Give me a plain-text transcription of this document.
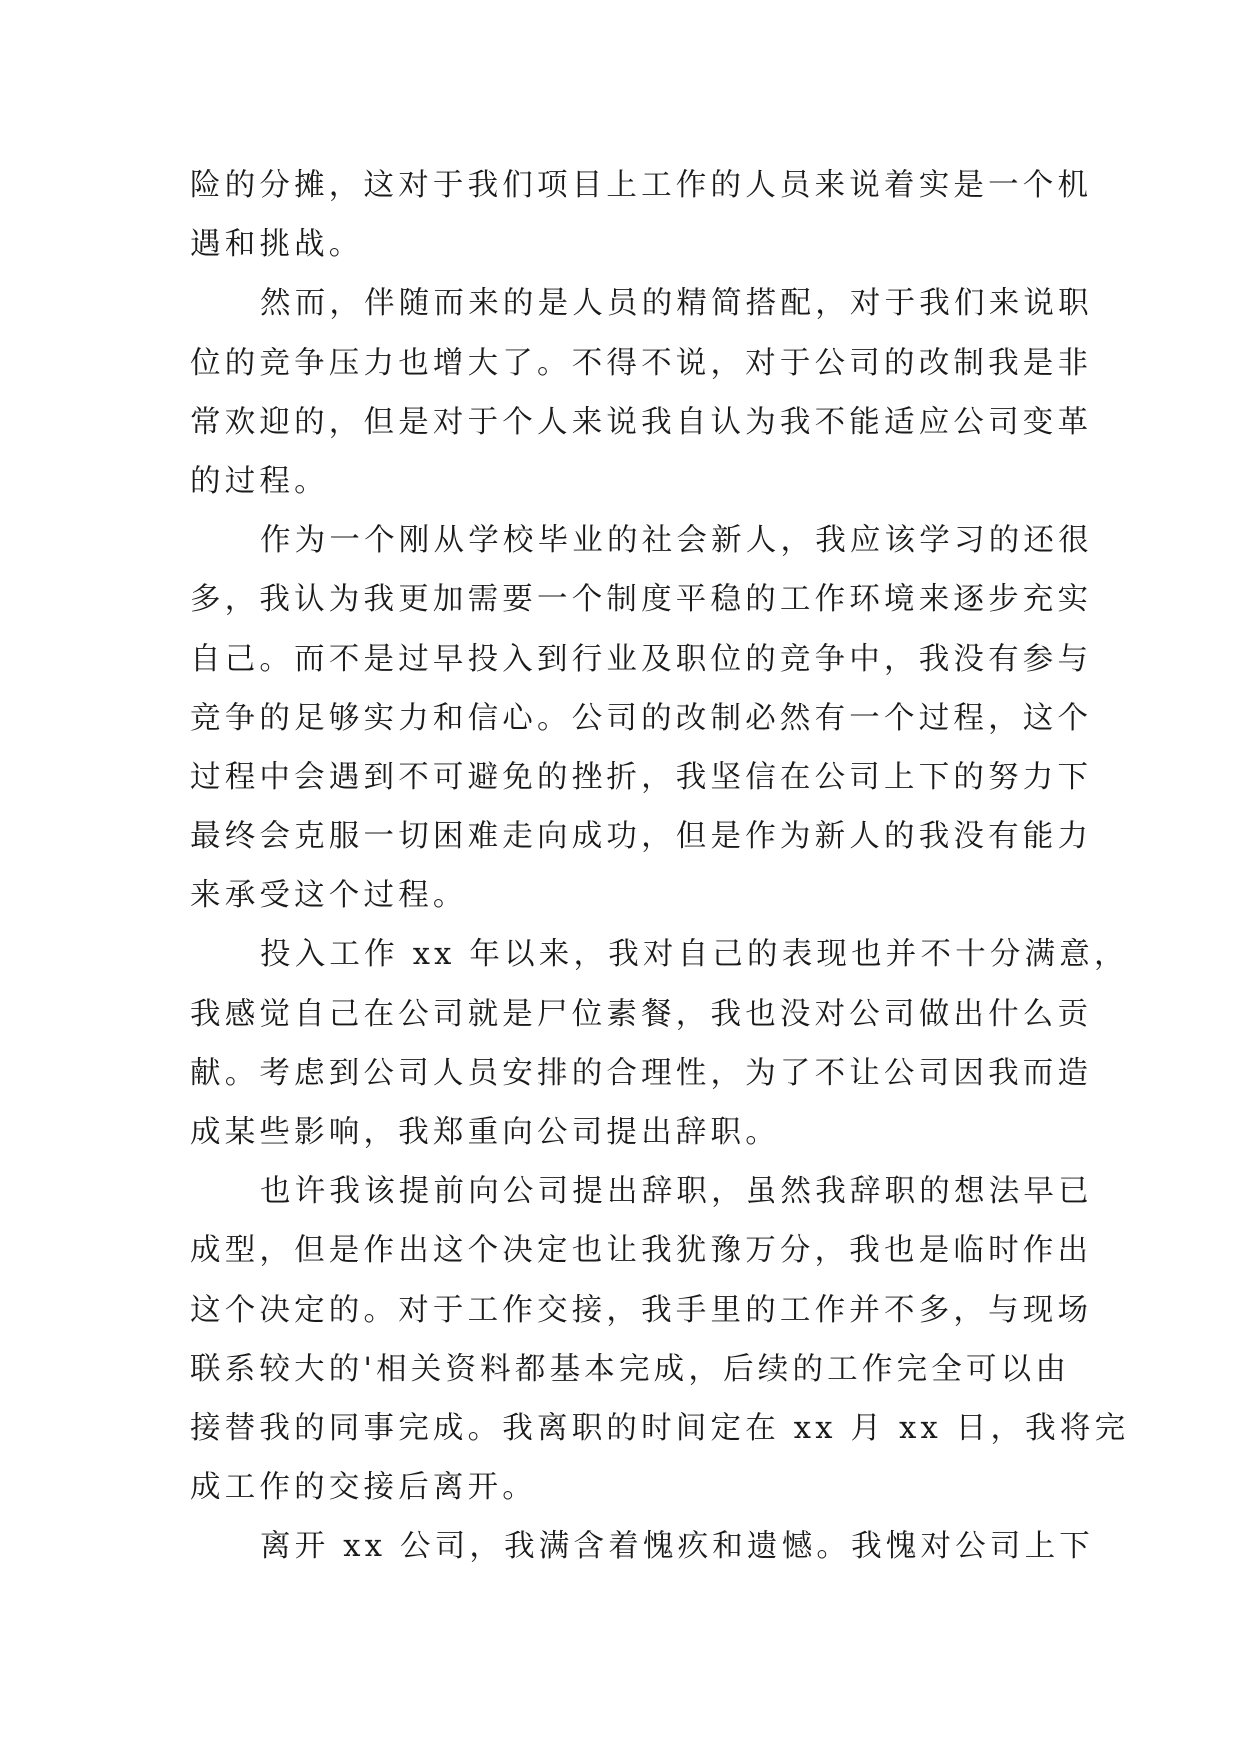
险的分摊，这对于我们项目上工作的人员来说着实是一个机
遇和挑战。
然而，伴随而来的是人员的精简搭配，对于我们来说职
位的竞争压力也增大了。不得不说，对于公司的改制我是非
常欢迎的，但是对于个人来说我自认为我不能适应公司变革
的过程。
作为一个刚从学校毕业的社会新人，我应该学习的还很
多，我认为我更加需要一个制度平稳的工作环境来逐步充实
自己。而不是过早投入到行业及职位的竞争中，我没有参与
竞争的足够实力和信心。公司的改制必然有一个过程，这个
过程中会遇到不可避免的挫折，我坚信在公司上下的努力下
最终会克服一切困难走向成功，但是作为新人的我没有能力
来承受这个过程。
投入工作 xx 年以来，我对自己的表现也并不十分满意，
我感觉自己在公司就是尸位素餐，我也没对公司做出什么贡
献。考虑到公司人员安排的合理性，为了不让公司因我而造
成某些影响，我郑重向公司提出辞职。
也许我该提前向公司提出辞职，虽然我辞职的想法早已
成型，但是作出这个决定也让我犹豫万分，我也是临时作出
这个决定的。对于工作交接，我手里的工作并不多，与现场
联系较大的'相关资料都基本完成，后续的工作完全可以由
接替我的同事完成。我离职的时间定在 xx 月 xx 日，我将完
成工作的交接后离开。
离开 xx 公司，我满含着愧疚和遗憾。我愧对公司上下
